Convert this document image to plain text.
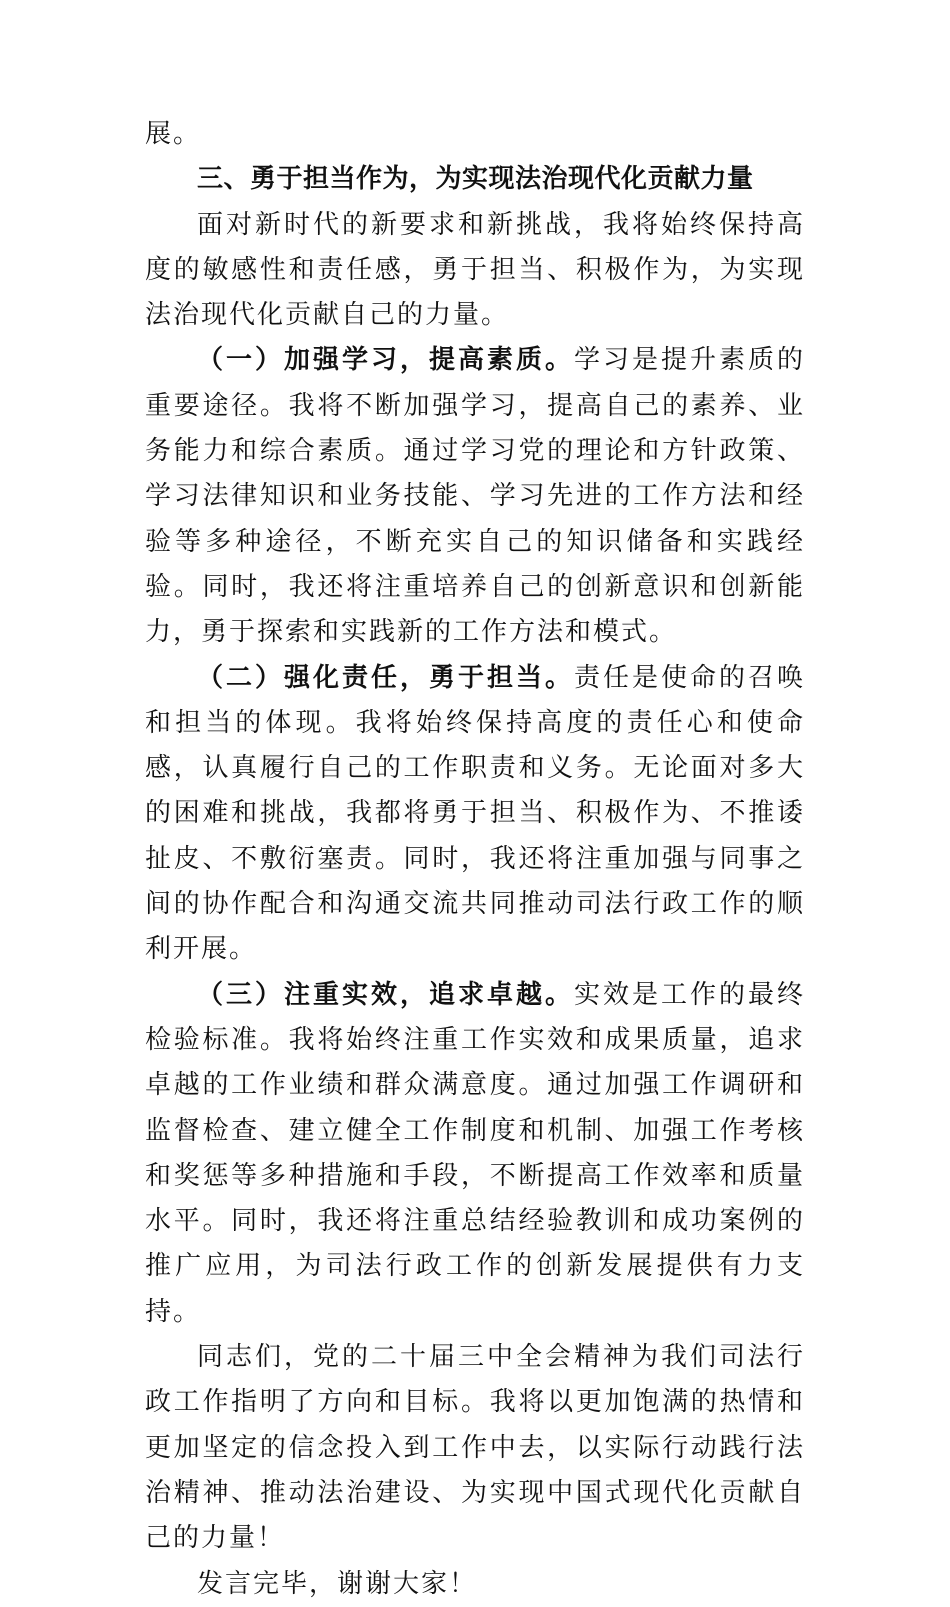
展。

三、勇于担当作为，为实现法治现代化贡献力量

面对新时代的新要求和新挑战，我将始终保持高度的敏感性和责任感，勇于担当、积极作为，为实现法治现代化贡献自己的力量。

（一）加强学习，提高素质。学习是提升素质的重要途径。我将不断加强学习，提高自己的素养、业务能力和综合素质。通过学习党的理论和方针政策、学习法律知识和业务技能、学习先进的工作方法和经验等多种途径，不断充实自己的知识储备和实践经验。同时，我还将注重培养自己的创新意识和创新能力，勇于探索和实践新的工作方法和模式。

（二）强化责任，勇于担当。责任是使命的召唤和担当的体现。我将始终保持高度的责任心和使命感，认真履行自己的工作职责和义务。无论面对多大的困难和挑战，我都将勇于担当、积极作为、不推诿扯皮、不敷衍塞责。同时，我还将注重加强与同事之间的协作配合和沟通交流共同推动司法行政工作的顺利开展。

（三）注重实效，追求卓越。实效是工作的最终检验标准。我将始终注重工作实效和成果质量，追求卓越的工作业绩和群众满意度。通过加强工作调研和监督检查、建立健全工作制度和机制、加强工作考核和奖惩等多种措施和手段，不断提高工作效率和质量水平。同时，我还将注重总结经验教训和成功案例的推广应用，为司法行政工作的创新发展提供有力支持。

同志们，党的二十届三中全会精神为我们司法行政工作指明了方向和目标。我将以更加饱满的热情和更加坚定的信念投入到工作中去，以实际行动践行法治精神、推动法治建设、为实现中国式现代化贡献自己的力量！

发言完毕，谢谢大家！
